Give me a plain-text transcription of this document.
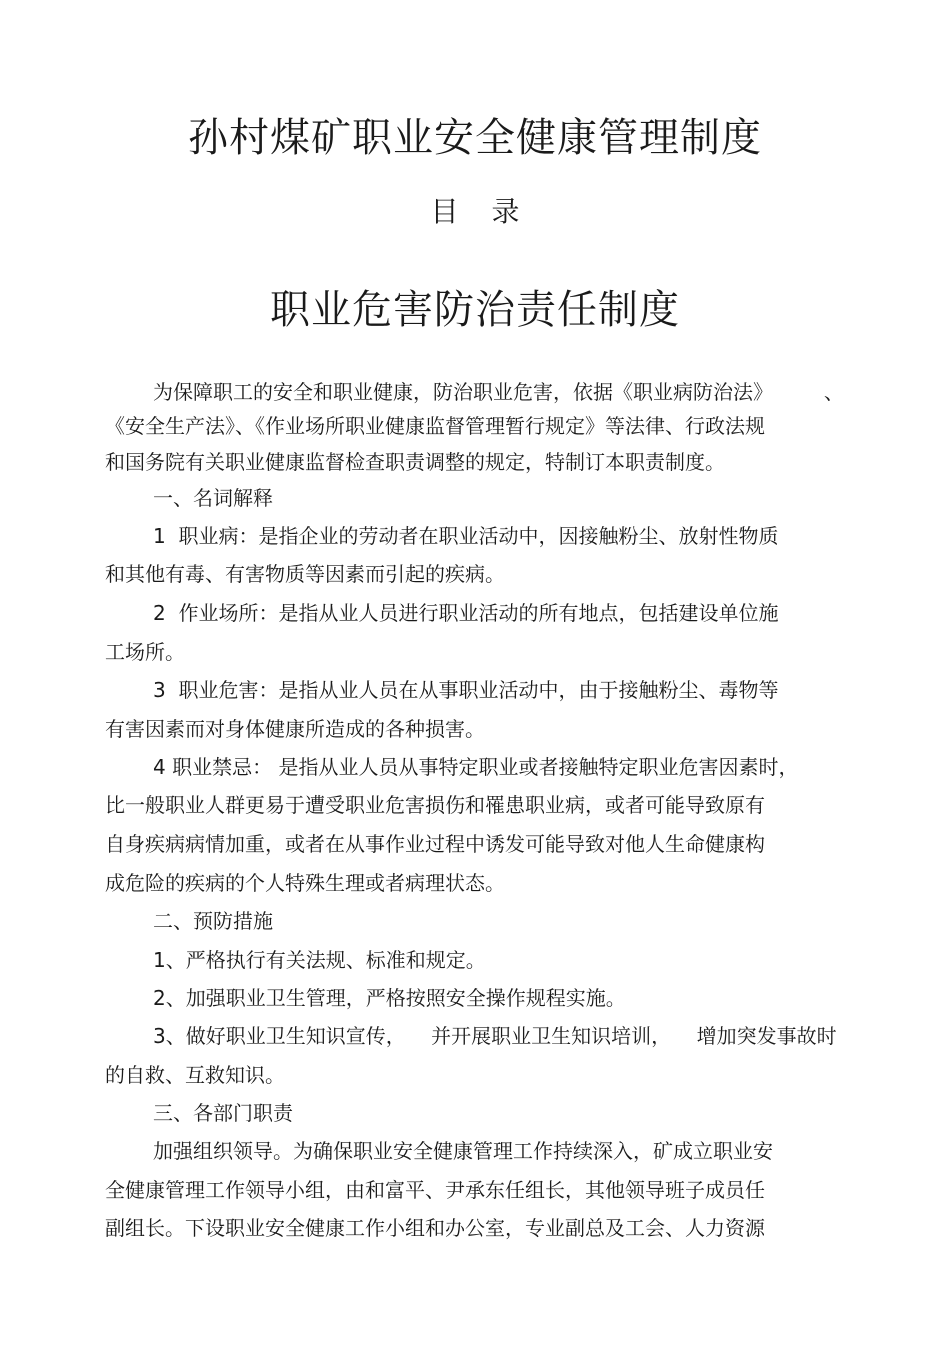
孙村煤矿职业安全健康管理制度
目 录
职业危害防治责任制度
为保障职工的安全和职业健康，防治职业危害，依据《职业病防治法》        、
《安全生产法》、《作业场所职业健康监督管理暂行规定》等法律、行政法规
和国务院有关职业健康监督检查职责调整的规定，特制订本职责制度。
一、名词解释
1  职业病：是指企业的劳动者在职业活动中，因接触粉尘、放射性物质
和其他有毒、有害物质等因素而引起的疾病。
2  作业场所：是指从业人员进行职业活动的所有地点，包括建设单位施
工场所。
3  职业危害：是指从业人员在从事职业活动中，由于接触粉尘、毒物等
有害因素而对身体健康所造成的各种损害。
4 职业禁忌： 是指从业人员从事特定职业或者接触特定职业危害因素时，
比一般职业人群更易于遭受职业危害损伤和罹患职业病，或者可能导致原有
自身疾病病情加重，或者在从事作业过程中诱发可能导致对他人生命健康构
成危险的疾病的个人特殊生理或者病理状态。
二、预防措施
1、严格执行有关法规、标准和规定。
2、加强职业卫生管理，严格按照安全操作规程实施。
3、做好职业卫生知识宣传，    并开展职业卫生知识培训，    增加突发事故时
的自救、互救知识。
三、各部门职责
加强组织领导。为确保职业安全健康管理工作持续深入，矿成立职业安
全健康管理工作领导小组，由和富平、尹承东任组长，其他领导班子成员任
副组长。下设职业安全健康工作小组和办公室，专业副总及工会、人力资源
